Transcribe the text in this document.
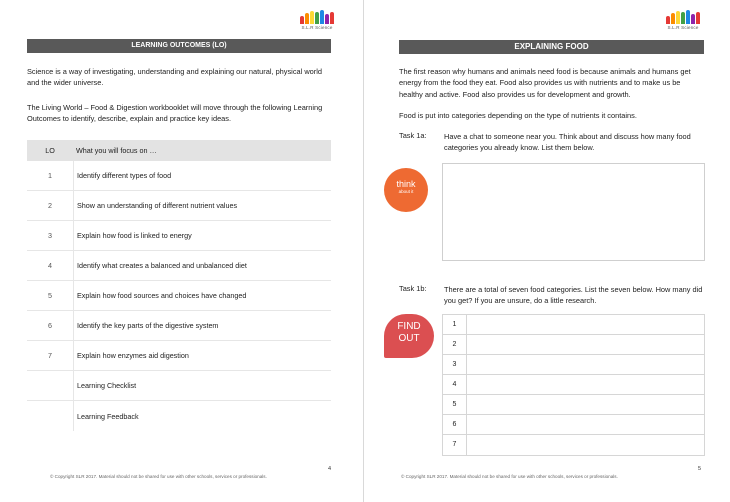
S.L.R Science
LEARNING OUTCOMES (LO)
Science is a way of investigating, understanding and explaining our natural, physical world and the wider universe.
The Living World – Food & Digestion workbooklet will move through the following Learning Outcomes to identify, describe, explain and practice key ideas.
LO	What you will focus on …
1	Identify different types of food
2	Show an understanding of different nutrient values
3	Explain how food is linked to energy
4	Identify what creates a balanced and unbalanced diet
5	Explain how food sources and choices have changed
6	Identify the key parts of the digestive system
7	Explain how enzymes aid digestion
Learning Checklist
Learning Feedback
4
© Copyright SLR 2017. Material should not be shared for use with other schools, services or professionals.
S.L.R Science
EXPLAINING FOOD
The first reason why humans and animals need food is because animals and humans get energy from the food they eat. Food also provides us with nutrients and to make us be healthy and active. Food also provides us for development and growth.
Food is put into categories depending on the type of nutrients it contains.
Task 1a: Have a chat to someone near you. Think about and discuss how many food categories you already know. List them below.
think
about it
Task 1b: There are a total of seven food categories. List the seven below. How many did you get? If you are unsure, do a little research.
FIND
OUT
1
2
3
4
5
6
7
5
© Copyright SLR 2017. Material should not be shared for use with other schools, services or professionals.
